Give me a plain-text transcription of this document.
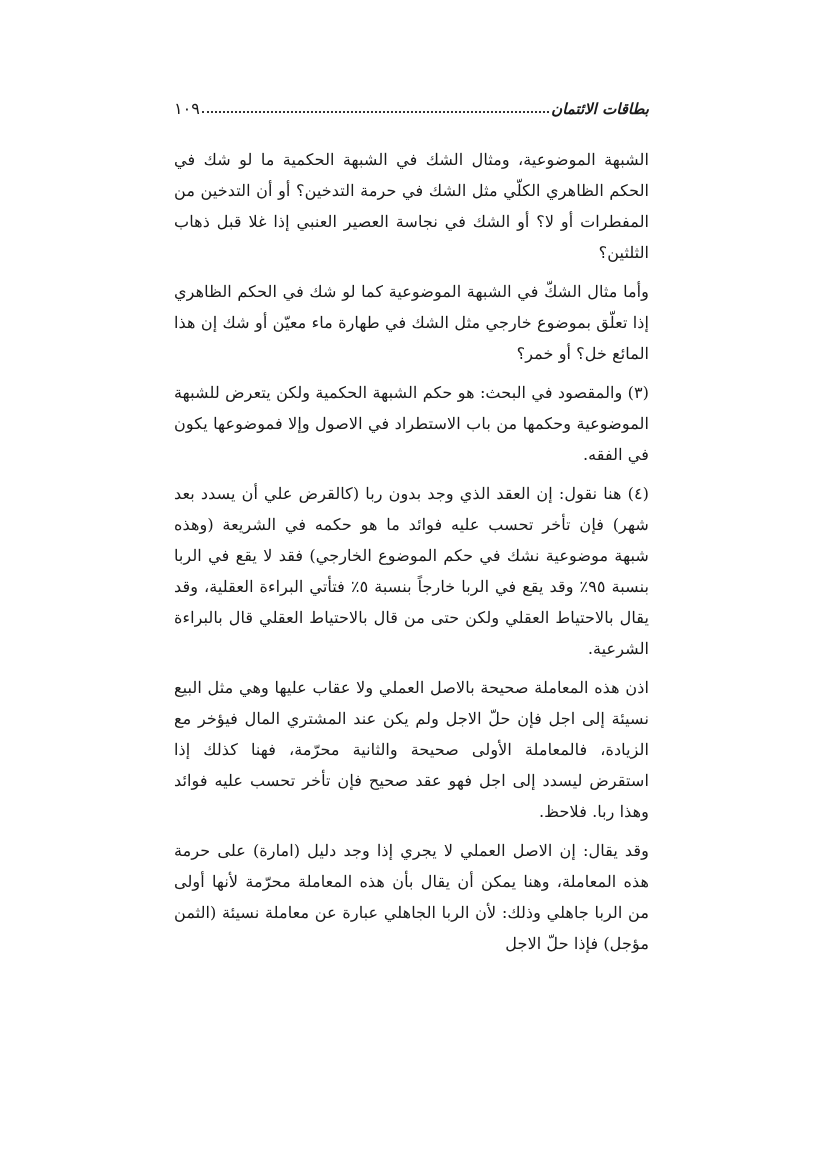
بطاقات الائتمان
١٠٩

الشبهة الموضوعية، ومثال الشك في الشبهة الحكمية ما لو شك في الحكم الظاهري الكلّي مثل الشك في حرمة التدخين؟ أو أن التدخين من المفطرات أو لا؟ أو الشك في نجاسة العصير العنبي إذا غلا قبل ذهاب الثلثين؟

وأما مثال الشكّ في الشبهة الموضوعية كما لو شك في الحكم الظاهري إذا تعلّق بموضوع خارجي مثل الشك في طهارة ماء معيّن أو شك إن هذا المائع خل؟ أو خمر؟

(٣) والمقصود في البحث: هو حكم الشبهة الحكمية ولكن يتعرض للشبهة الموضوعية وحكمها من باب الاستطراد في الاصول وإلا فموضوعها يكون في الفقه.

(٤) هنا نقول: إن العقد الذي وجد بدون ربا (كالقرض علي أن يسدد بعد شهر) فإن تأخر تحسب عليه فوائد ما هو حكمه في الشريعة (وهذه شبهة موضوعية نشك في حكم الموضوع الخارجي) فقد لا يقع في الربا بنسبة ٩٥٪ وقد يقع في الربا خارجاً بنسبة ٥٪ فتأتي البراءة العقلية، وقد يقال بالاحتياط العقلي ولكن حتى من قال بالاحتياط العقلي قال بالبراءة الشرعية.

اذن هذه المعاملة صحيحة بالاصل العملي ولا عقاب عليها وهي مثل البيع نسيئة إلى اجل فإن حلّ الاجل ولم يكن عند المشتري المال فيؤخر مع الزيادة، فالمعاملة الأولى صحيحة والثانية محرّمة، فهنا كذلك إذا استقرض ليسدد إلى اجل فهو عقد صحيح فإن تأخر تحسب عليه فوائد وهذا ربا. فلاحظ.

وقد يقال: إن الاصل العملي لا يجري إذا وجد دليل (امارة) على حرمة هذه المعاملة، وهنا يمكن أن يقال بأن هذه المعاملة محرّمة لأنها أولى من الربا جاهلي وذلك: لأن الربا الجاهلي عبارة عن معاملة نسيئة (الثمن مؤجل) فإذا حلّ الاجل
